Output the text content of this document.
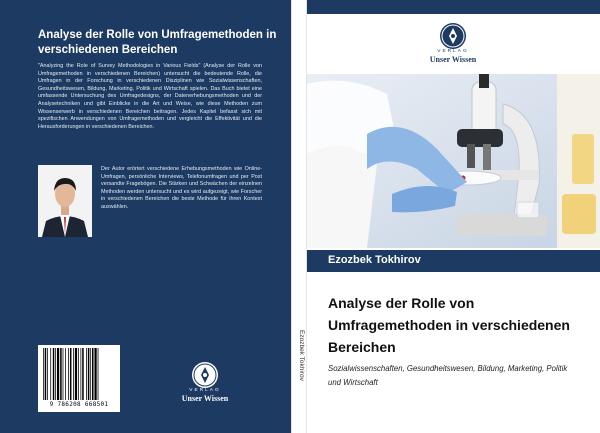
Analyse der Rolle von Umfragemethoden in verschiedenen Bereichen
"Analyzing the Role of Survey Methodologies in Various Fields" (Analyse der Rolle von Umfragemethoden in verschiedenen Bereichen) untersucht die bedeutende Rolle, die Umfragen in der Forschung in verschiedenen Disziplinen wie Sozialwissenschaften, Gesundheitswesen, Bildung, Marketing, Politik und Wirtschaft spielen. Das Buch bietet eine umfassende Untersuchung des Umfragedesigns, der Datenerhebungsmethoden und der Analysetechniken und gibt Einblicke in die Art und Weise, wie diese Methoden zum Wissenserwerb in verschiedenen Bereichen beitragen. Jedes Kapitel befasst sich mit spezifischen Anwendungen von Umfragemethoden und vergleicht die Effektivität und die Herausforderungen in verschiedenen Bereichen.
Der Autor erörtert verschiedene Erhebungsmethoden wie Online-Umfragen, persönliche Interviews, Telefonumfragen und per Post versandte Fragebögen. Die Stärken und Schwächen der einzelnen Methoden werden untersucht und es wird aufgezeigt, wie Forscher in verschiedenen Bereichen die beste Methode für ihren Kontext auswählen.
9 786208 668501
VERLAG
Unser Wissen
Ezozbek Tokhirov
VERLAG
Unser Wissen
Ezozbek Tokhirov
Analyse der Rolle von Umfragemethoden in verschiedenen Bereichen
Sozialwissenschaften, Gesundheitswesen, Bildung, Marketing, Politik und Wirtschaft
